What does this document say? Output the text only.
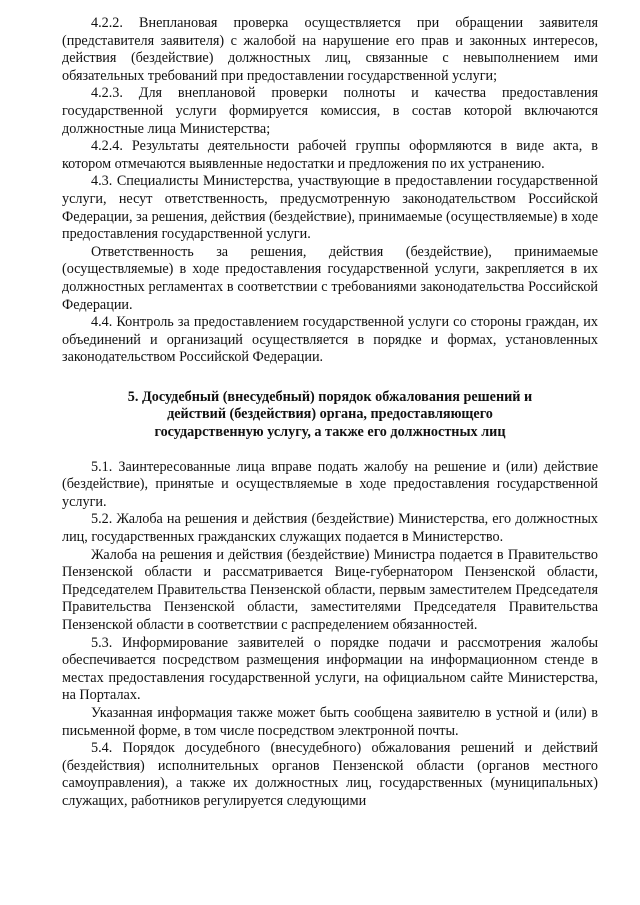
4.2.2. Внеплановая проверка осуществляется при обращении заявителя (представителя заявителя) с жалобой на нарушение его прав и законных интересов, действия (бездействие) должностных лиц, связанные с невыполнением ими обязательных требований при предоставлении государственной услуги;

4.2.3. Для внеплановой проверки полноты и качества предоставления государственной услуги формируется комиссия, в состав которой включаются должностные лица Министерства;

4.2.4. Результаты деятельности рабочей группы оформляются в виде акта, в котором отмечаются выявленные недостатки и предложения по их устранению.

4.3. Специалисты Министерства, участвующие в предоставлении государственной услуги, несут ответственность, предусмотренную законодательством Российской Федерации, за решения, действия (бездействие), принимаемые (осуществляемые) в ходе предоставления государственной услуги.

Ответственность за решения, действия (бездействие), принимаемые (осуществляемые) в ходе предоставления государственной услуги, закрепляется в их должностных регламентах в соответствии с требованиями законодательства Российской Федерации.

4.4. Контроль за предоставлением государственной услуги со стороны граждан, их объединений и организаций осуществляется в порядке и формах, установленных законодательством Российской Федерации.

5. Досудебный (внесудебный) порядок обжалования решений и
действий (бездействия) органа, предоставляющего
государственную услугу, а также его должностных лиц

5.1. Заинтересованные лица вправе подать жалобу на решение и (или) действие (бездействие), принятые и осуществляемые в ходе предоставления государственной услуги.

5.2. Жалоба на решения и действия (бездействие) Министерства, его должностных лиц, государственных гражданских служащих подается в Министерство.

Жалоба на решения и действия (бездействие) Министра подается в Правительство Пензенской области и рассматривается Вице-губернатором Пензенской области, Председателем Правительства Пензенской области, первым заместителем Председателя Правительства Пензенской области, заместителями Председателя Правительства Пензенской области в соответствии с распределением обязанностей.

5.3. Информирование заявителей о порядке подачи и рассмотрения жалобы обеспечивается посредством размещения информации на информационном стенде в местах предоставления государственной услуги, на официальном сайте Министерства, на Порталах.

Указанная информация также может быть сообщена заявителю в устной и (или) в письменной форме, в том числе посредством электронной почты.

5.4. Порядок досудебного (внесудебного) обжалования решений и действий (бездействия) исполнительных органов Пензенской области (органов местного самоуправления), а также их должностных лиц, государственных (муниципальных) служащих, работников регулируется следующими
